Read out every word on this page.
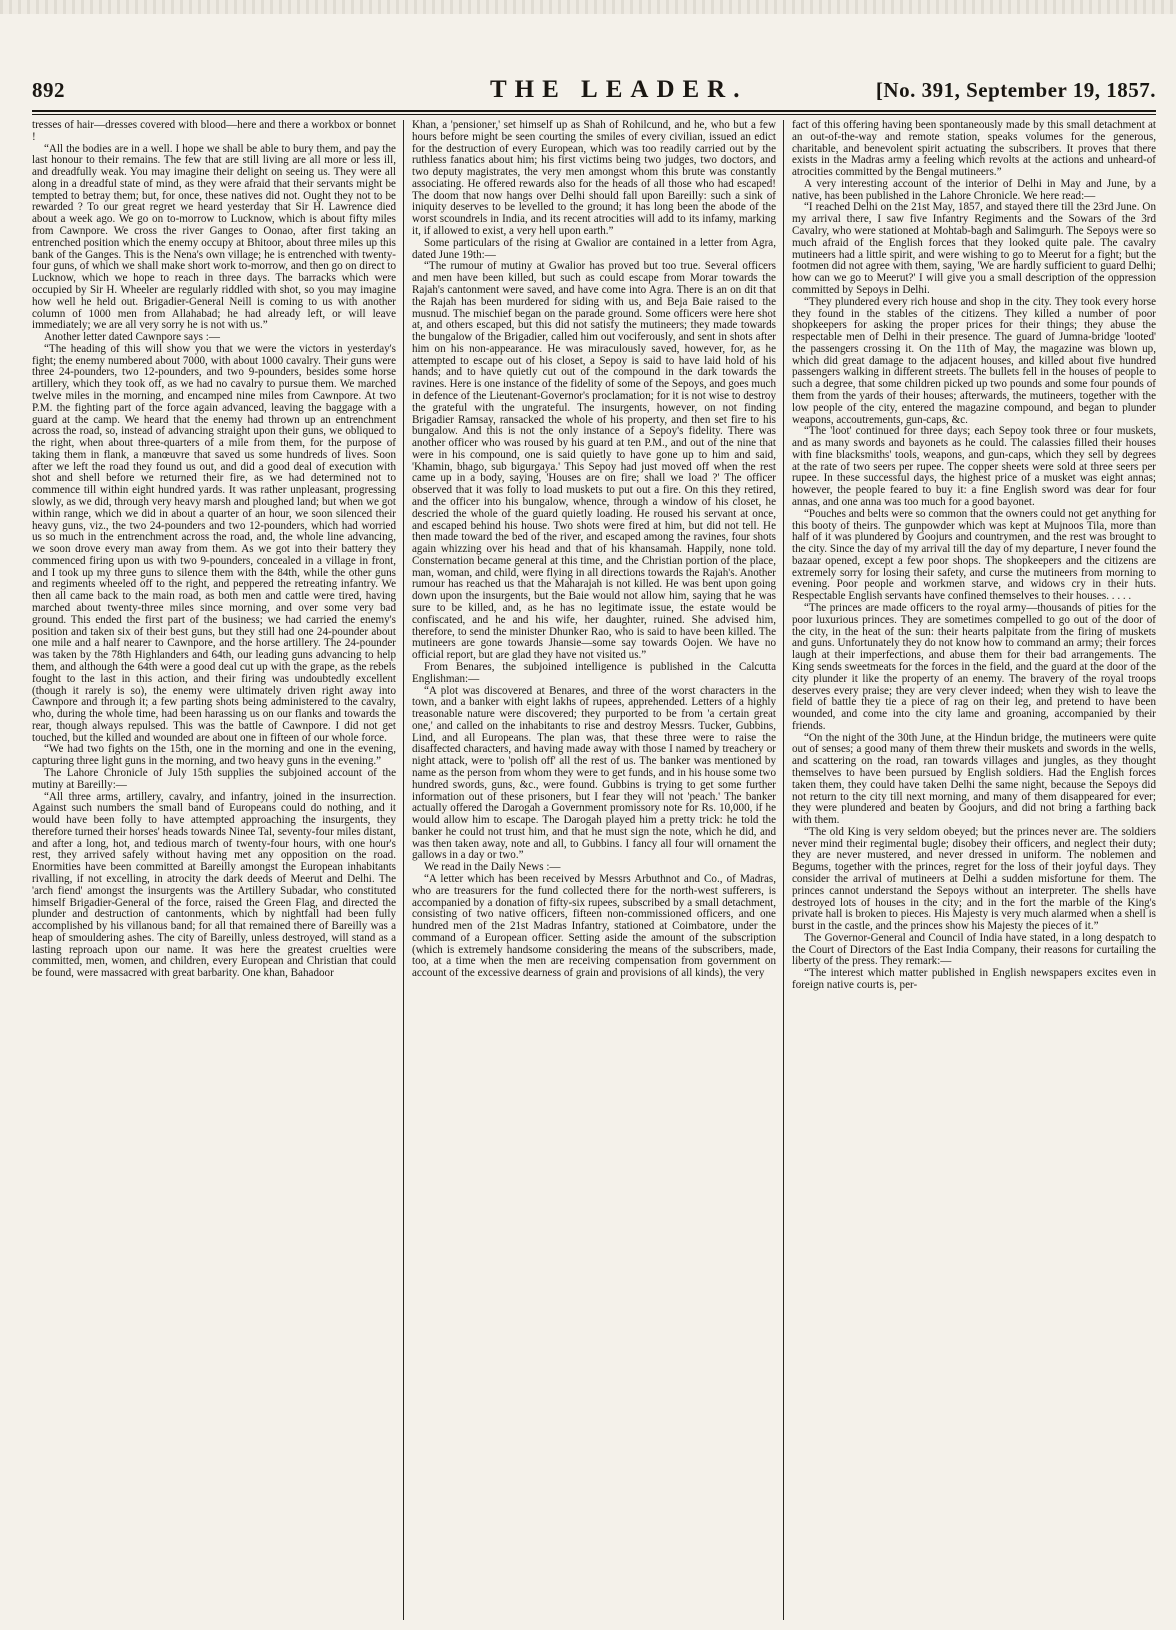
892	THE LEADER.	[No. 391, September 19, 1857.

tresses of hair—dresses covered with blood—here and there a workbox or bonnet !

“All the bodies are in a well. I hope we shall be able to bury them, and pay the last honour to their remains. The few that are still living are all more or less ill, and dreadfully weak. You may imagine their delight on seeing us. They were all along in a dreadful state of mind, as they were afraid that their servants might be tempted to betray them; but, for once, these natives did not. Ought they not to be rewarded ? To our great regret we heard yesterday that Sir H. Lawrence died about a week ago. We go on to-morrow to Lucknow, which is about fifty miles from Cawnpore. We cross the river Ganges to Oonao, after first taking an entrenched position which the enemy occupy at Bhitoor, about three miles up this bank of the Ganges. This is the Nena's own village; he is entrenched with twenty-four guns, of which we shall make short work to-morrow, and then go on direct to Lucknow, which we hope to reach in three days. The barracks which were occupied by Sir H. Wheeler are regularly riddled with shot, so you may imagine how well he held out. Brigadier-General Neill is coming to us with another column of 1000 men from Allahabad; he had already left, or will leave immediately; we are all very sorry he is not with us.”

Another letter dated Cawnpore says :—

“The heading of this will show you that we were the victors in yesterday's fight; the enemy numbered about 7000, with about 1000 cavalry. Their guns were three 24-pounders, two 12-pounders, and two 9-pounders, besides some horse artillery, which they took off, as we had no cavalry to pursue them. We marched twelve miles in the morning, and encamped nine miles from Cawnpore. At two P.M. the fighting part of the force again advanced, leaving the baggage with a guard at the camp. We heard that the enemy had thrown up an entrenchment across the road, so, instead of advancing straight upon their guns, we obliqued to the right, when about three-quarters of a mile from them, for the purpose of taking them in flank, a manœuvre that saved us some hundreds of lives. Soon after we left the road they found us out, and did a good deal of execution with shot and shell before we returned their fire, as we had determined not to commence till within eight hundred yards. It was rather unpleasant, progressing slowly, as we did, through very heavy marsh and ploughed land; but when we got within range, which we did in about a quarter of an hour, we soon silenced their heavy guns, viz., the two 24-pounders and two 12-pounders, which had worried us so much in the entrenchment across the road, and, the whole line advancing, we soon drove every man away from them. As we got into their battery they commenced firing upon us with two 9-pounders, concealed in a village in front, and I took up my three guns to silence them with the 84th, while the other guns and regiments wheeled off to the right, and peppered the retreating infantry. We then all came back to the main road, as both men and cattle were tired, having marched about twenty-three miles since morning, and over some very bad ground. This ended the first part of the business; we had carried the enemy's position and taken six of their best guns, but they still had one 24-pounder about one mile and a half nearer to Cawnpore, and the horse artillery. The 24-pounder was taken by the 78th Highlanders and 64th, our leading guns advancing to help them, and although the 64th were a good deal cut up with the grape, as the rebels fought to the last in this action, and their firing was undoubtedly excellent (though it rarely is so), the enemy were ultimately driven right away into Cawnpore and through it; a few parting shots being administered to the cavalry, who, during the whole time, had been harassing us on our flanks and towards the rear, though always repulsed. This was the battle of Cawnpore. I did not get touched, but the killed and wounded are about one in fifteen of our whole force.

“We had two fights on the 15th, one in the morning and one in the evening, capturing three light guns in the morning, and two heavy guns in the evening.”

The Lahore Chronicle of July 15th supplies the subjoined account of the mutiny at Bareilly:—

“All three arms, artillery, cavalry, and infantry, joined in the insurrection. Against such numbers the small band of Europeans could do nothing, and it would have been folly to have attempted approaching the insurgents, they therefore turned their horses' heads towards Ninee Tal, seventy-four miles distant, and after a long, hot, and tedious march of twenty-four hours, with one hour's rest, they arrived safely without having met any opposition on the road. Enormities have been committed at Bareilly amongst the European inhabitants rivalling, if not excelling, in atrocity the dark deeds of Meerut and Delhi. The 'arch fiend' amongst the insurgents was the Artillery Subadar, who constituted himself Brigadier-General of the force, raised the Green Flag, and directed the plunder and destruction of cantonments, which by nightfall had been fully accomplished by his villanous band; for all that remained there of Bareilly was a heap of smouldering ashes. The city of Bareilly, unless destroyed, will stand as a lasting reproach upon our name. It was here the greatest cruelties were committed, men, women, and children, every European and Christian that could be found, were massacred with great barbarity. One khan, Bahadoor

Khan, a 'pensioner,' set himself up as Shah of Rohilcund, and he, who but a few hours before might be seen courting the smiles of every civilian, issued an edict for the destruction of every European, which was too readily carried out by the ruthless fanatics about him; his first victims being two judges, two doctors, and two deputy magistrates, the very men amongst whom this brute was constantly associating. He offered rewards also for the heads of all those who had escaped! The doom that now hangs over Delhi should fall upon Bareilly: such a sink of iniquity deserves to be levelled to the ground; it has long been the abode of the worst scoundrels in India, and its recent atrocities will add to its infamy, marking it, if allowed to exist, a very hell upon earth.”

Some particulars of the rising at Gwalior are contained in a letter from Agra, dated June 19th:—

“The rumour of mutiny at Gwalior has proved but too true. Several officers and men have been killed, but such as could escape from Morar towards the Rajah's cantonment were saved, and have come into Agra. There is an on dit that the Rajah has been murdered for siding with us, and Beja Baie raised to the musnud. The mischief began on the parade ground. Some officers were here shot at, and others escaped, but this did not satisfy the mutineers; they made towards the bungalow of the Brigadier, called him out vociferously, and sent in shots after him on his non-appearance. He was miraculously saved, however, for, as he attempted to escape out of his closet, a Sepoy is said to have laid hold of his hands; and to have quietly cut out of the compound in the dark towards the ravines. Here is one instance of the fidelity of some of the Sepoys, and goes much in defence of the Lieutenant-Governor's proclamation; for it is not wise to destroy the grateful with the ungrateful. The insurgents, however, on not finding Brigadier Ramsay, ransacked the whole of his property, and then set fire to his bungalow. And this is not the only instance of a Sepoy's fidelity. There was another officer who was roused by his guard at ten P.M., and out of the nine that were in his compound, one is said quietly to have gone up to him and said, 'Khamin, bhago, sub bigurgaya.' This Sepoy had just moved off when the rest came up in a body, saying, 'Houses are on fire; shall we load ?' The officer observed that it was folly to load muskets to put out a fire. On this they retired, and the officer into his bungalow, whence, through a window of his closet, he descried the whole of the guard quietly loading. He roused his servant at once, and escaped behind his house. Two shots were fired at him, but did not tell. He then made toward the bed of the river, and escaped among the ravines, four shots again whizzing over his head and that of his khansamah. Happily, none told. Consternation became general at this time, and the Christian portion of the place, man, woman, and child, were flying in all directions towards the Rajah's. Another rumour has reached us that the Maharajah is not killed. He was bent upon going down upon the insurgents, but the Baie would not allow him, saying that he was sure to be killed, and, as he has no legitimate issue, the estate would be confiscated, and he and his wife, her daughter, ruined. She advised him, therefore, to send the minister Dhunker Rao, who is said to have been killed. The mutineers are gone towards Jhansie—some say towards Oojen. We have no official report, but are glad they have not visited us.”

From Benares, the subjoined intelligence is published in the Calcutta Englishman:—

“A plot was discovered at Benares, and three of the worst characters in the town, and a banker with eight lakhs of rupees, apprehended. Letters of a highly treasonable nature were discovered; they purported to be from 'a certain great one,' and called on the inhabitants to rise and destroy Messrs. Tucker, Gubbins, Lind, and all Europeans. The plan was, that these three were to raise the disaffected characters, and having made away with those I named by treachery or night attack, were to 'polish off' all the rest of us. The banker was mentioned by name as the person from whom they were to get funds, and in his house some two hundred swords, guns, &c., were found. Gubbins is trying to get some further information out of these prisoners, but I fear they will not 'peach.' The banker actually offered the Darogah a Government promissory note for Rs. 10,000, if he would allow him to escape. The Darogah played him a pretty trick: he told the banker he could not trust him, and that he must sign the note, which he did, and was then taken away, note and all, to Gubbins. I fancy all four will ornament the gallows in a day or two.”

We read in the Daily News :—

“A letter which has been received by Messrs Arbuthnot and Co., of Madras, who are treasurers for the fund collected there for the north-west sufferers, is accompanied by a donation of fifty-six rupees, subscribed by a small detachment, consisting of two native officers, fifteen non-commissioned officers, and one hundred men of the 21st Madras Infantry, stationed at Coimbatore, under the command of a European officer. Setting aside the amount of the subscription (which is extremely handsome considering the means of the subscribers, made, too, at a time when the men are receiving compensation from government on account of the excessive dearness of grain and provisions of all kinds), the very

fact of this offering having been spontaneously made by this small detachment at an out-of-the-way and remote station, speaks volumes for the generous, charitable, and benevolent spirit actuating the subscribers. It proves that there exists in the Madras army a feeling which revolts at the actions and unheard-of atrocities committed by the Bengal mutineers.”

A very interesting account of the interior of Delhi in May and June, by a native, has been published in the Lahore Chronicle. We here read:—

“I reached Delhi on the 21st May, 1857, and stayed there till the 23rd June. On my arrival there, I saw five Infantry Regiments and the Sowars of the 3rd Cavalry, who were stationed at Mohtab-bagh and Salimgurh. The Sepoys were so much afraid of the English forces that they looked quite pale. The cavalry mutineers had a little spirit, and were wishing to go to Meerut for a fight; but the footmen did not agree with them, saying, 'We are hardly sufficient to guard Delhi; how can we go to Meerut?' I will give you a small description of the oppression committed by Sepoys in Delhi.

“They plundered every rich house and shop in the city. They took every horse they found in the stables of the citizens. They killed a number of poor shopkeepers for asking the proper prices for their things; they abuse the respectable men of Delhi in their presence. The guard of Jumna-bridge 'looted' the passengers crossing it. On the 11th of May, the magazine was blown up, which did great damage to the adjacent houses, and killed about five hundred passengers walking in different streets. The bullets fell in the houses of people to such a degree, that some children picked up two pounds and some four pounds of them from the yards of their houses; afterwards, the mutineers, together with the low people of the city, entered the magazine compound, and began to plunder weapons, accoutrements, gun-caps, &c.

“The 'loot' continued for three days; each Sepoy took three or four muskets, and as many swords and bayonets as he could. The calassies filled their houses with fine blacksmiths' tools, weapons, and gun-caps, which they sell by degrees at the rate of two seers per rupee. The copper sheets were sold at three seers per rupee. In these successful days, the highest price of a musket was eight annas; however, the people feared to buy it: a fine English sword was dear for four annas, and one anna was too much for a good bayonet.

“Pouches and belts were so common that the owners could not get anything for this booty of theirs. The gunpowder which was kept at Mujnoos Tila, more than half of it was plundered by Goojurs and countrymen, and the rest was brought to the city. Since the day of my arrival till the day of my departure, I never found the bazaar opened, except a few poor shops. The shopkeepers and the citizens are extremely sorry for losing their safety, and curse the mutineers from morning to evening. Poor people and workmen starve, and widows cry in their huts. Respectable English servants have confined themselves to their houses. . . . .

“The princes are made officers to the royal army—thousands of pities for the poor luxurious princes. They are sometimes compelled to go out of the door of the city, in the heat of the sun: their hearts palpitate from the firing of muskets and guns. Unfortunately they do not know how to command an army; their forces laugh at their imperfections, and abuse them for their bad arrangements. The King sends sweetmeats for the forces in the field, and the guard at the door of the city plunder it like the property of an enemy. The bravery of the royal troops deserves every praise; they are very clever indeed; when they wish to leave the field of battle they tie a piece of rag on their leg, and pretend to have been wounded, and come into the city lame and groaning, accompanied by their friends.

“On the night of the 30th June, at the Hindun bridge, the mutineers were quite out of senses; a good many of them threw their muskets and swords in the wells, and scattering on the road, ran towards villages and jungles, as they thought themselves to have been pursued by English soldiers. Had the English forces taken them, they could have taken Delhi the same night, because the Sepoys did not return to the city till next morning, and many of them disappeared for ever; they were plundered and beaten by Goojurs, and did not bring a farthing back with them.

“The old King is very seldom obeyed; but the princes never are. The soldiers never mind their regimental bugle; disobey their officers, and neglect their duty; they are never mustered, and never dressed in uniform. The noblemen and Begums, together with the princes, regret for the loss of their joyful days. They consider the arrival of mutineers at Delhi a sudden misfortune for them. The princes cannot understand the Sepoys without an interpreter. The shells have destroyed lots of houses in the city; and in the fort the marble of the King's private hall is broken to pieces. His Majesty is very much alarmed when a shell is burst in the castle, and the princes show his Majesty the pieces of it.”

The Governor-General and Council of India have stated, in a long despatch to the Court of Directors of the East India Company, their reasons for curtailing the liberty of the press. They remark:—

“The interest which matter published in English newspapers excites even in foreign native courts is, per-
